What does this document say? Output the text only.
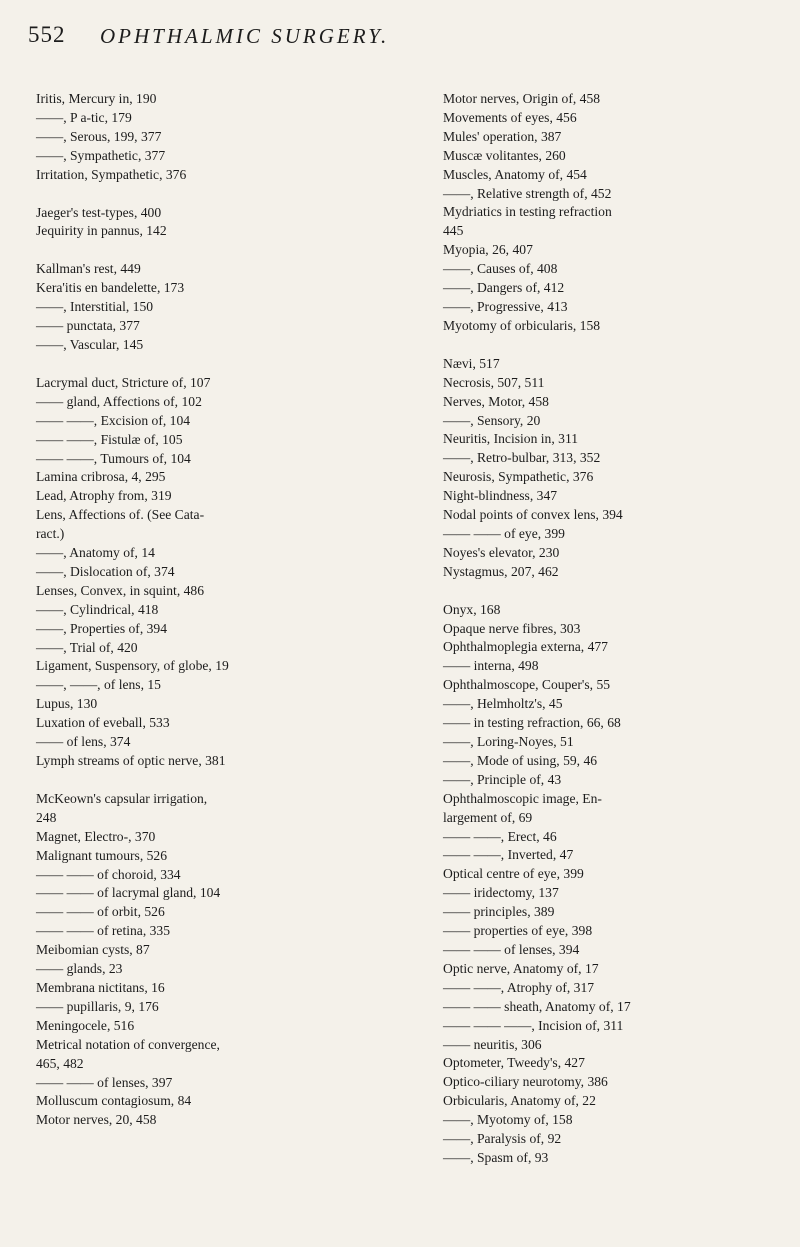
552 OPHTHALMIC SURGERY.
Iritis, Mercury in, 190
——, P a-tic, 179
——, Serous, 199, 377
——, Sympathetic, 377
Irritation, Sympathetic, 376
Jaeger's test-types, 400
Jequirity in pannus, 142
Kallman's rest, 449
Kera'itis en bandelette, 173
——, Interstitial, 150
—— punctata, 377
——, Vascular, 145
Lacrymal duct, Stricture of, 107
—— gland, Affections of, 102
—— ——, Excision of, 104
—— ——, Fistulæ of, 105
—— ——, Tumours of, 104
Lamina cribrosa, 4, 295
Lead, Atrophy from, 319
Lens, Affections of. (See Cata-
ract.)
——, Anatomy of, 14
——, Dislocation of, 374
Lenses, Convex, in squint, 486
——, Cylindrical, 418
——, Properties of, 394
——, Trial of, 420
Ligament, Suspensory, of globe, 19
——, ——, of lens, 15
Lupus, 130
Luxation of eveball, 533
—— of lens, 374
Lymph streams of optic nerve, 381
McKeown's capsular irrigation,
248
Magnet, Electro-, 370
Malignant tumours, 526
—— —— of choroid, 334
—— —— of lacrymal gland, 104
—— —— of orbit, 526
—— —— of retina, 335
Meibomian cysts, 87
—— glands, 23
Membrana nictitans, 16
—— pupillaris, 9, 176
Meningocele, 516
Metrical notation of convergence,
465, 482
—— —— of lenses, 397
Molluscum contagiosum, 84
Motor nerves, 20, 458
Motor nerves, Origin of, 458
Movements of eyes, 456
Mules' operation, 387
Muscæ volitantes, 260
Muscles, Anatomy of, 454
——, Relative strength of, 452
Mydriatics in testing refraction
445
Myopia, 26, 407
——, Causes of, 408
——, Dangers of, 412
——, Progressive, 413
Myotomy of orbicularis, 158
Nævi, 517
Necrosis, 507, 511
Nerves, Motor, 458
——, Sensory, 20
Neuritis, Incision in, 311
——, Retro-bulbar, 313, 352
Neurosis, Sympathetic, 376
Night-blindness, 347
Nodal points of convex lens, 394
—— —— of eye, 399
Noyes's elevator, 230
Nystagmus, 207, 462
Onyx, 168
Opaque nerve fibres, 303
Ophthalmoplegia externa, 477
—— interna, 498
Ophthalmoscope, Couper's, 55
——, Helmholtz's, 45
—— in testing refraction, 66, 68
——, Loring-Noyes, 51
——, Mode of using, 59, 46
——, Principle of, 43
Ophthalmoscopic image, En-
largement of, 69
—— ——, Erect, 46
—— ——, Inverted, 47
Optical centre of eye, 399
—— iridectomy, 137
—— principles, 389
—— properties of eye, 398
—— —— of lenses, 394
Optic nerve, Anatomy of, 17
—— ——, Atrophy of, 317
—— —— sheath, Anatomy of, 17
—— —— ——, Incision of, 311
—— neuritis, 306
Optometer, Tweedy's, 427
Optico-ciliary neurotomy, 386
Orbicularis, Anatomy of, 22
——, Myotomy of, 158
——, Paralysis of, 92
——, Spasm of, 93
